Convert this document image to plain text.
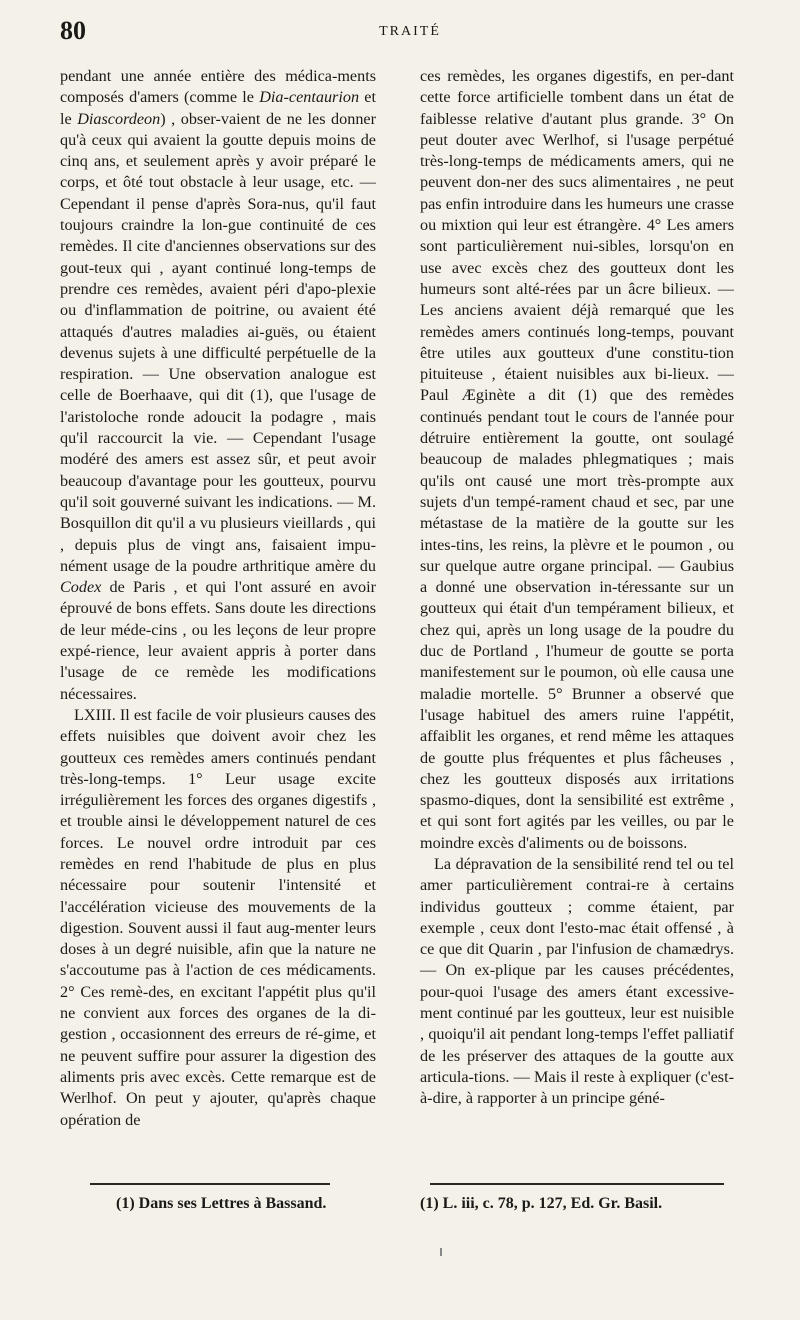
80	TRAITÉ

pendant une année entière des médica-ments composés d'amers (comme le Dia-centaurion et le Diascordeon) , obser-vaient de ne les donner qu'à ceux qui avaient la goutte depuis moins de cinq ans, et seulement après y avoir préparé le corps, et ôté tout obstacle à leur usage, etc. — Cependant il pense d'après Sora-nus, qu'il faut toujours craindre la lon-gue continuité de ces remèdes. Il cite d'anciennes observations sur des gout-teux qui , ayant continué long-temps de prendre ces remèdes, avaient péri d'apo-plexie ou d'inflammation de poitrine, ou avaient été attaqués d'autres maladies ai-guës, ou étaient devenus sujets à une difficulté perpétuelle de la respiration. — Une observation analogue est celle de Boerhaave, qui dit (1), que l'usage de l'aristoloche ronde adoucit la podagre , mais qu'il raccourcit la vie. — Cependant l'usage modéré des amers est assez sûr, et peut avoir beaucoup d'avantage pour les goutteux, pourvu qu'il soit gouverné suivant les indications. — M. Bosquillon dit qu'il a vu plusieurs vieillards , qui , depuis plus de vingt ans, faisaient impu-nément usage de la poudre arthritique amère du Codex de Paris , et qui l'ont assuré en avoir éprouvé de bons effets. Sans doute les directions de leur méde-cins , ou les leçons de leur propre expé-rience, leur avaient appris à porter dans l'usage de ce remède les modifications nécessaires.

LXIII. Il est facile de voir plusieurs causes des effets nuisibles que doivent avoir chez les goutteux ces remèdes amers continués pendant très-long-temps. 1° Leur usage excite irrégulièrement les forces des organes digestifs , et trouble ainsi le développement naturel de ces forces. Le nouvel ordre introduit par ces remèdes en rend l'habitude de plus en plus nécessaire pour soutenir l'intensité et l'accélération vicieuse des mouvements de la digestion. Souvent aussi il faut aug-menter leurs doses à un degré nuisible, afin que la nature ne s'accoutume pas à l'action de ces médicaments. 2° Ces remè-des, en excitant l'appétit plus qu'il ne convient aux forces des organes de la di-gestion , occasionnent des erreurs de ré-gime, et ne peuvent suffire pour assurer la digestion des aliments pris avec excès. Cette remarque est de Werlhof. On peut y ajouter, qu'après chaque opération de

ces remèdes, les organes digestifs, en per-dant cette force artificielle tombent dans un état de faiblesse relative d'autant plus grande. 3° On peut douter avec Werlhof, si l'usage perpétué très-long-temps de médicaments amers, qui ne peuvent don-ner des sucs alimentaires , ne peut pas enfin introduire dans les humeurs une crasse ou mixtion qui leur est étrangère. 4° Les amers sont particulièrement nui-sibles, lorsqu'on en use avec excès chez des goutteux dont les humeurs sont alté-rées par un âcre bilieux. — Les anciens avaient déjà remarqué que les remèdes amers continués long-temps, pouvant être utiles aux goutteux d'une constitu-tion pituiteuse , étaient nuisibles aux bi-lieux. — Paul Æginète a dit (1) que des remèdes continués pendant tout le cours de l'année pour détruire entièrement la goutte, ont soulagé beaucoup de malades phlegmatiques ; mais qu'ils ont causé une mort très-prompte aux sujets d'un tempé-rament chaud et sec, par une métastase de la matière de la goutte sur les intes-tins, les reins, la plèvre et le poumon , ou sur quelque autre organe principal. — Gaubius a donné une observation in-téressante sur un goutteux qui était d'un tempérament bilieux, et chez qui, après un long usage de la poudre du duc de Portland , l'humeur de goutte se porta manifestement sur le poumon, où elle causa une maladie mortelle. 5° Brunner a observé que l'usage habituel des amers ruine l'appétit, affaiblit les organes, et rend même les attaques de goutte plus fréquentes et plus fâcheuses , chez les goutteux disposés aux irritations spasmo-diques, dont la sensibilité est extrême , et qui sont fort agités par les veilles, ou par le moindre excès d'aliments ou de boissons.

La dépravation de la sensibilité rend tel ou tel amer particulièrement contrai-re à certains individus goutteux ; comme étaient, par exemple , ceux dont l'esto-mac était offensé , à ce que dit Quarin , par l'infusion de chamædrys. — On ex-plique par les causes précédentes, pour-quoi l'usage des amers étant excessive-ment continué par les goutteux, leur est nuisible , quoiqu'il ait pendant long-temps l'effet palliatif de les préserver des attaques de la goutte aux articula-tions. — Mais il reste à expliquer (c'est-à-dire, à rapporter à un principe géné-

(1) Dans ses Lettres à Bassand.	(1) L. iii, c. 78, p. 127, Ed. Gr. Basil.
